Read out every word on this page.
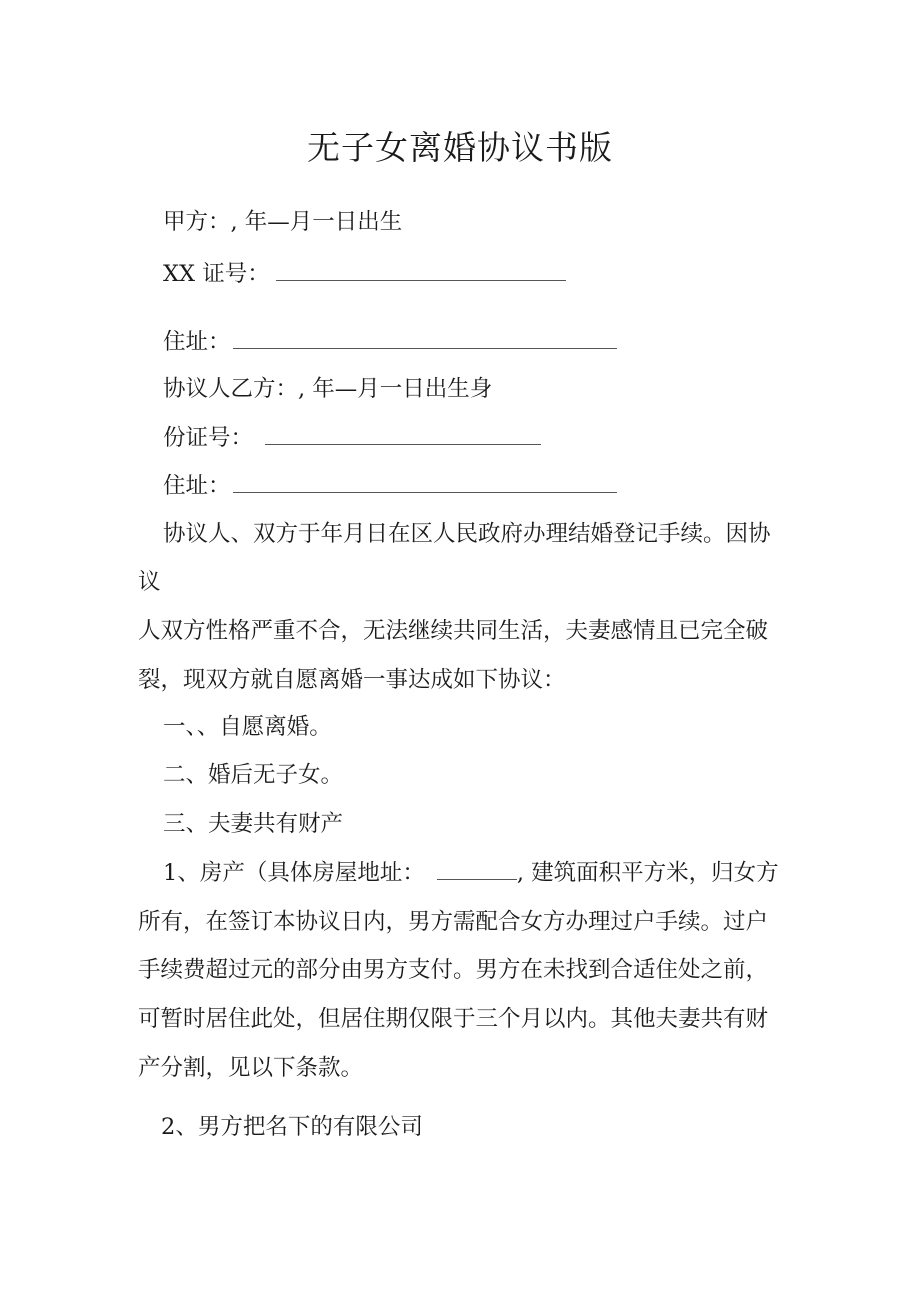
无子女离婚协议书版
甲方：, 年—月一日出生
XX 证号：
住址：
协议人乙方：, 年—月一日出生身
份证号：
住址：
协议人、双方于年月日在区人民政府办理结婚登记手续。因协
议
人双方性格严重不合，无法继续共同生活，夫妻感情且已完全破
裂，现双方就自愿离婚一事达成如下协议：
一、、自愿离婚。
二、婚后无子女。
三、夫妻共有财产
1、房产（具体房屋地址：	, 建筑面积平方米，归女方
所有，在签订本协议日内，男方需配合女方办理过户手续。过户
手续费超过元的部分由男方支付。男方在未找到合适住处之前，
可暂时居住此处，但居住期仅限于三个月以内。其他夫妻共有财
产分割，见以下条款。
2、男方把名下的有限公司
